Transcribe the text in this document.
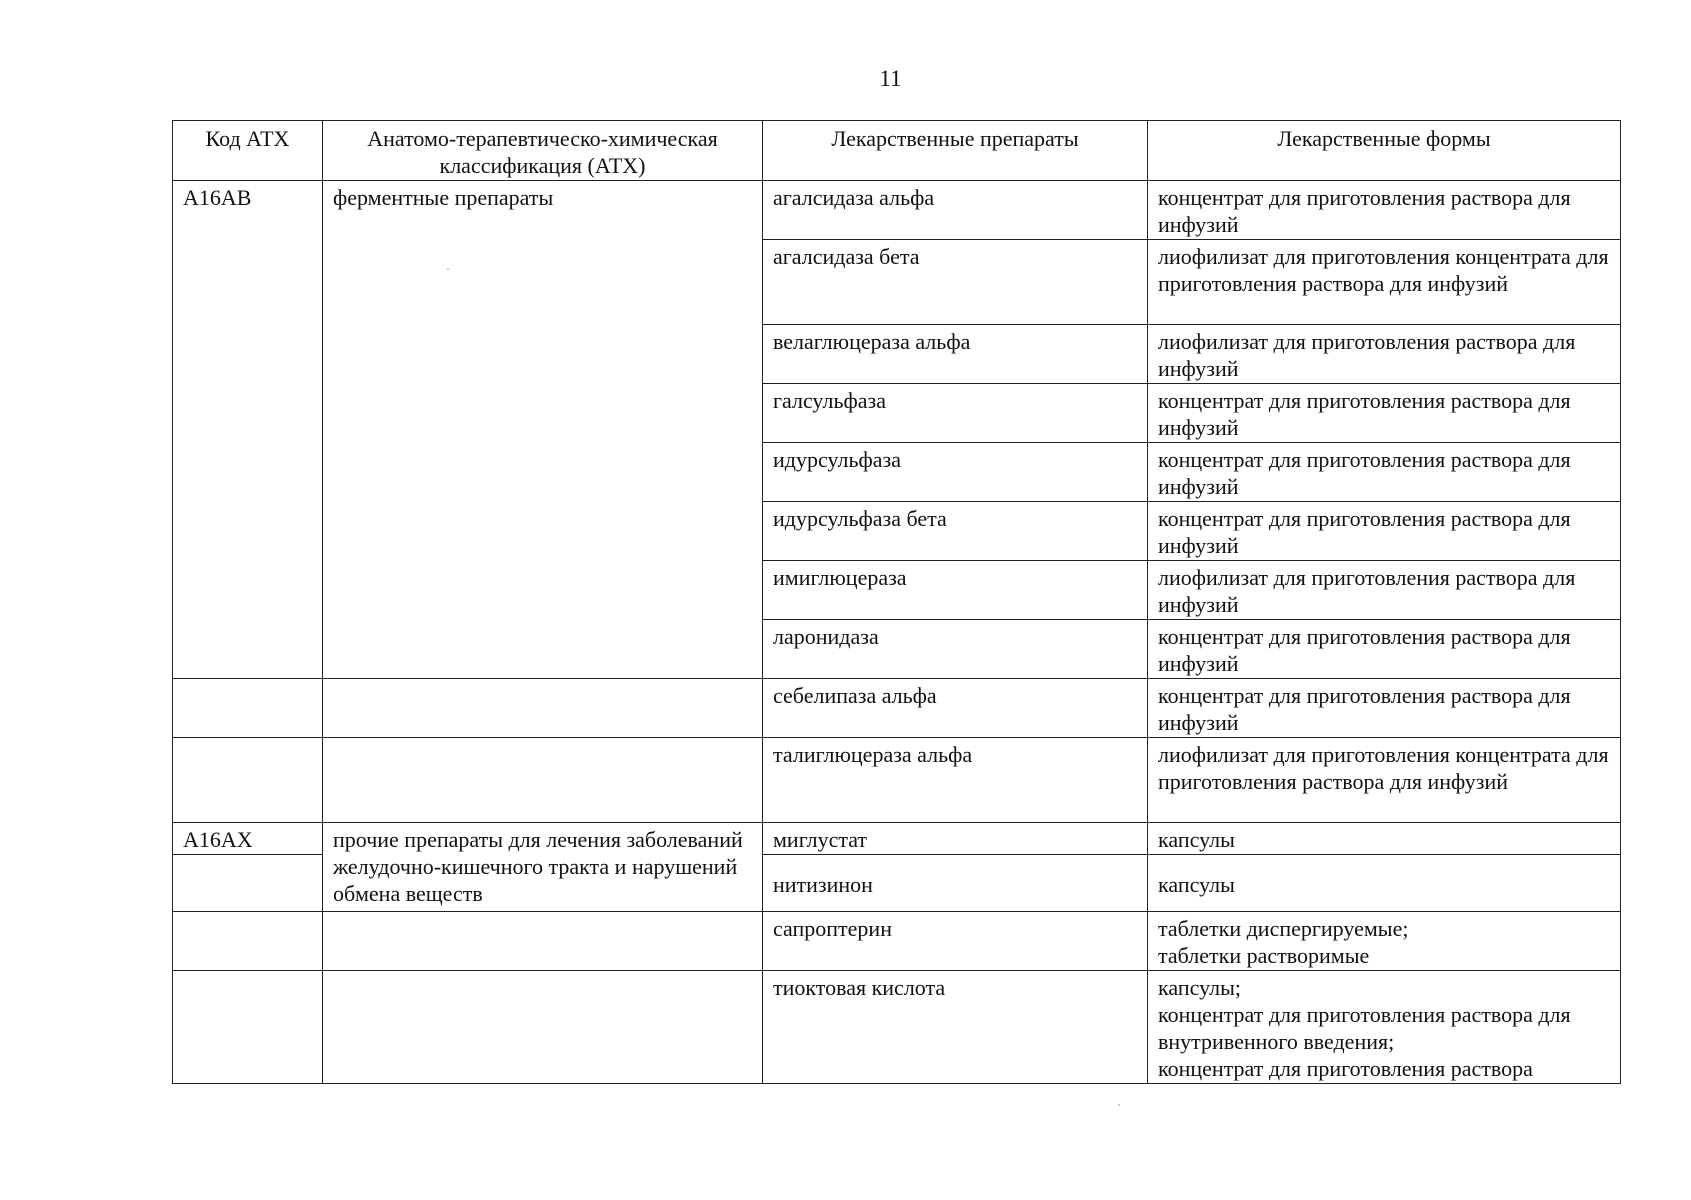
11
Код АТХ	Анатомо-терапевтическо-химическая классификация (АТХ)	Лекарственные препараты	Лекарственные формы
A16AB	ферментные препараты	агалсидаза альфа	концентрат для приготовления раствора для инфузий
		агалсидаза бета	лиофилизат для приготовления концентрата для приготовления раствора для инфузий
		велаглюцераза альфа	лиофилизат для приготовления раствора для инфузий
		галсульфаза	концентрат для приготовления раствора для инфузий
		идурсульфаза	концентрат для приготовления раствора для инфузий
		идурсульфаза бета	концентрат для приготовления раствора для инфузий
		имиглюцераза	лиофилизат для приготовления раствора для инфузий
		ларонидаза	концентрат для приготовления раствора для инфузий
		себелипаза альфа	концентрат для приготовления раствора для инфузий
		талиглюцераза альфа	лиофилизат для приготовления концентрата для приготовления раствора для инфузий
A16AX	прочие препараты для лечения заболеваний желудочно-кишечного тракта и нарушений обмена веществ	миглустат	капсулы
		нитизинон	капсулы
		сапроптерин	таблетки диспергируемые;
таблетки растворимые

		тиоктовая кислота	капсулы;
концентрат для приготовления раствора для внутривенного введения;
концентрат для приготовления раствора
